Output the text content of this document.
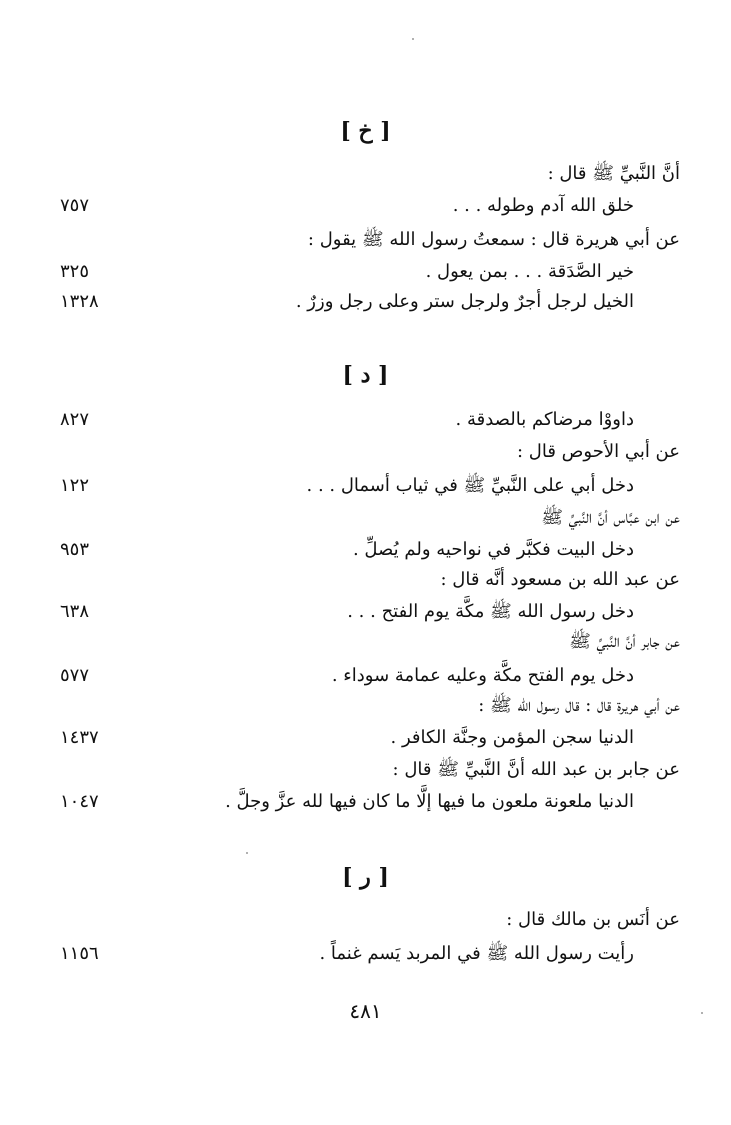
[ خ ]
أنَّ النَّبيِّ ﷺ قال :
خلق الله آدم وطوله . . .
٧٥٧
عن أبي هريرة قال : سمعتُ رسول الله ﷺ يقول :
خير الصَّدَقة . . . بمن يعول .
٣٢٥
الخيل لرجل أجرٌ ولرجل ستر وعلى رجل وزرٌ .
١٣٢٨
[ د ]
داووْا مرضاكم بالصدقة .
٨٢٧
عن أبي الأحوص قال :
دخل أبي على النَّبيِّ ﷺ في ثياب أسمال . . .
١٢٢
عن ابن عبَّاس أنَّ النَّبيِّ ﷺ
دخل البيت فكبَّر في نواحيه ولم يُصلِّ .
٩٥٣
عن عبد الله بن مسعود أنَّه قال :
دخل رسول الله ﷺ مكَّة يوم الفتح . . .
٦٣٨
عن جابر أنَّ النَّبيِّ ﷺ
دخل يوم الفتح مكَّة وعليه عمامة سوداء .
٥٧٧
عن أبي هريرة قال : قال رسول الله ﷺ :
الدنيا سجن المؤمن وجنَّة الكافر .
١٤٣٧
عن جابر بن عبد الله أنَّ النَّبيِّ ﷺ قال :
الدنيا ملعونة ملعون ما فيها إلَّا ما كان فيها لله عزَّ وجلَّ .
١٠٤٧
[ ر ]
عن أنَس بن مالك قال :
رأيت رسول الله ﷺ في المربد يَسم غنماً .
١١٥٦
٤٨١
